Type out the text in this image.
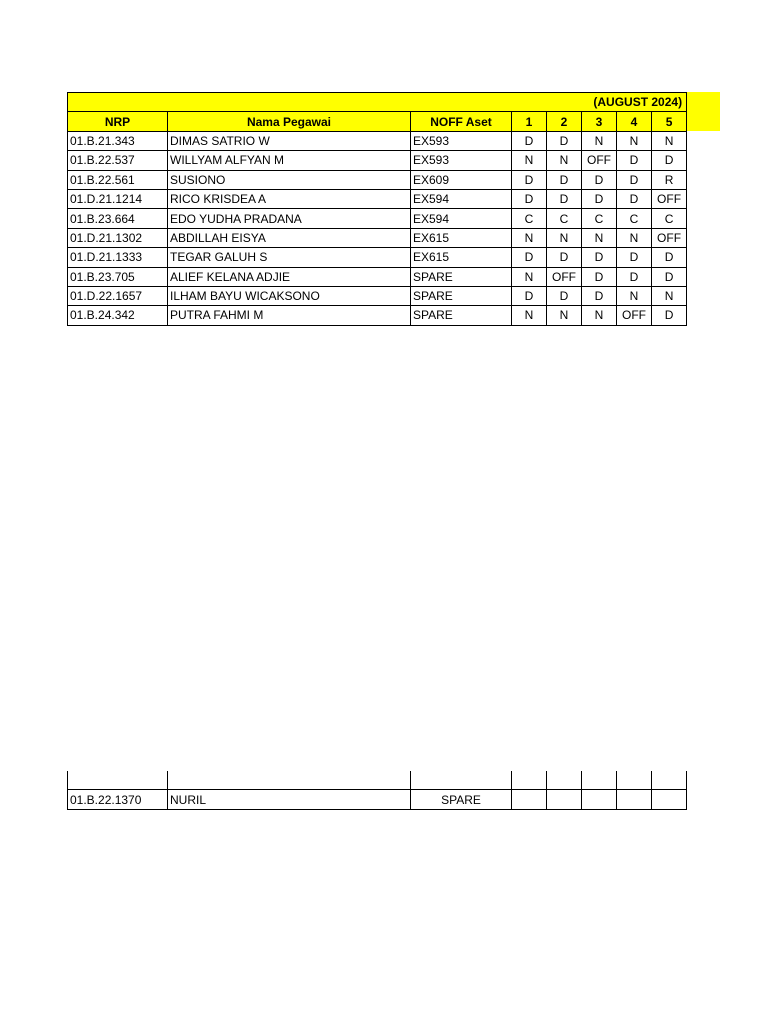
(AUGUST 2024)							
NRP	Nama Pegawai	NOFF Aset	1	2	3	4	5
01.B.21.343	DIMAS SATRIO W	EX593	D	D	N	N	N
01.B.22.537	WILLYAM ALFYAN M	EX593	N	N	OFF	D	D
01.B.22.561	SUSIONO	EX609	D	D	D	D	R
01.D.21.1214	RICO KRISDEA A	EX594	D	D	D	D	OFF
01.B.23.664	EDO YUDHA PRADANA	EX594	C	C	C	C	C
01.D.21.1302	ABDILLAH EISYA	EX615	N	N	N	N	OFF
01.D.21.1333	TEGAR GALUH S	EX615	D	D	D	D	D
01.B.23.705	ALIEF KELANA ADJIE	SPARE	N	OFF	D	D	D
01.D.22.1657	ILHAM BAYU WICAKSONO	SPARE	D	D	D	N	N
01.B.24.342	PUTRA FAHMI M	SPARE	N	N	N	OFF	D

01.B.22.1370	NURIL	SPARE					
